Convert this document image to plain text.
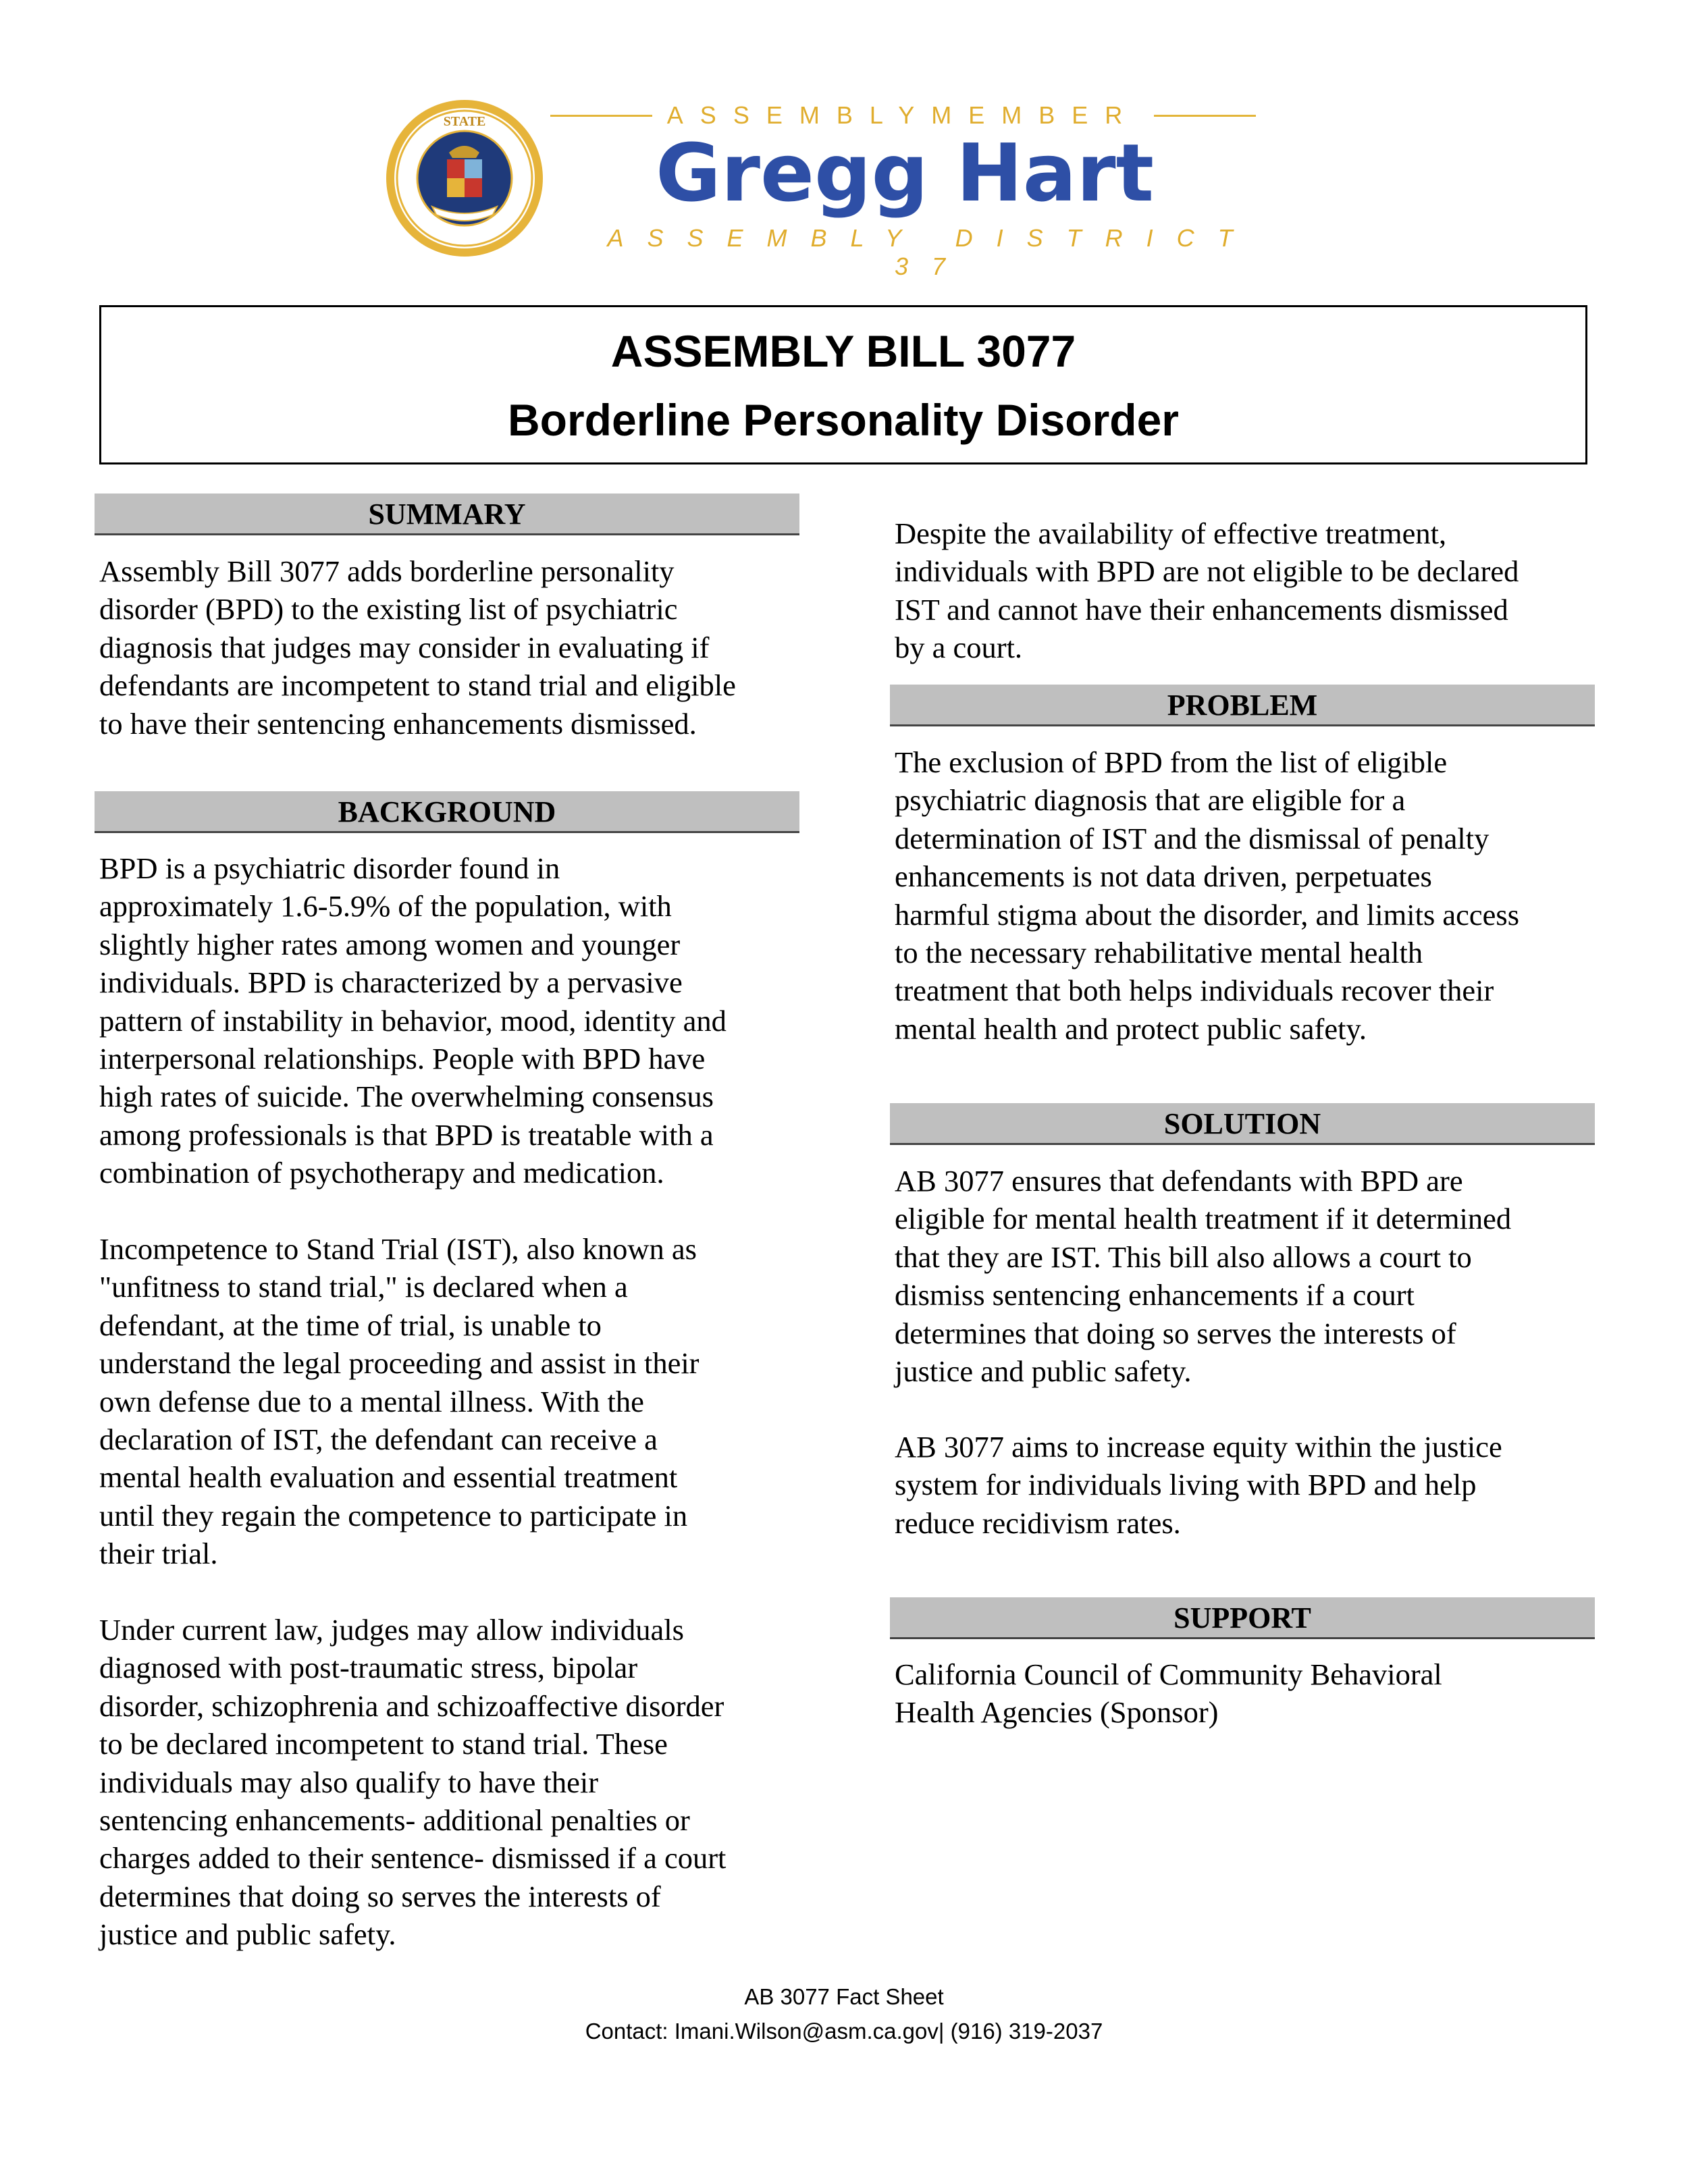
STATE	ASSEMBLYMEMBER
Gregg Hart
ASSEMBLY DISTRICT 37
ASSEMBLY BILL 3077
Borderline Personality Disorder
SUMMARY
Assembly Bill 3077 adds borderline personality
disorder (BPD) to the existing list of psychiatric
diagnosis that judges may consider in evaluating if
defendants are incompetent to stand trial and eligible
to have their sentencing enhancements dismissed.
BACKGROUND
BPD is a psychiatric disorder found in
approximately 1.6-5.9% of the population, with
slightly higher rates among women and younger
individuals. BPD is characterized by a pervasive
pattern of instability in behavior, mood, identity and
interpersonal relationships. People with BPD have
high rates of suicide. The overwhelming consensus
among professionals is that BPD is treatable with a
combination of psychotherapy and medication.
Incompetence to Stand Trial (IST), also known as
"unfitness to stand trial," is declared when a
defendant, at the time of trial, is unable to
understand the legal proceeding and assist in their
own defense due to a mental illness. With the
declaration of IST, the defendant can receive a
mental health evaluation and essential treatment
until they regain the competence to participate in
their trial.
Under current law, judges may allow individuals
diagnosed with post-traumatic stress, bipolar
disorder, schizophrenia and schizoaffective disorder
to be declared incompetent to stand trial. These
individuals may also qualify to have their
sentencing enhancements- additional penalties or
charges added to their sentence- dismissed if a court
determines that doing so serves the interests of
justice and public safety.
Despite the availability of effective treatment,
individuals with BPD are not eligible to be declared
IST and cannot have their enhancements dismissed
by a court.
PROBLEM
The exclusion of BPD from the list of eligible
psychiatric diagnosis that are eligible for a
determination of IST and the dismissal of penalty
enhancements is not data driven, perpetuates
harmful stigma about the disorder, and limits access
to the necessary rehabilitative mental health
treatment that both helps individuals recover their
mental health and protect public safety.
SOLUTION
AB 3077 ensures that defendants with BPD are
eligible for mental health treatment if it determined
that they are IST. This bill also allows a court to
dismiss sentencing enhancements if a court
determines that doing so serves the interests of
justice and public safety.
AB 3077 aims to increase equity within the justice
system for individuals living with BPD and help
reduce recidivism rates.
SUPPORT
California Council of Community Behavioral
Health Agencies (Sponsor)
AB 3077 Fact Sheet
Contact: Imani.Wilson@asm.ca.gov| (916) 319-2037
